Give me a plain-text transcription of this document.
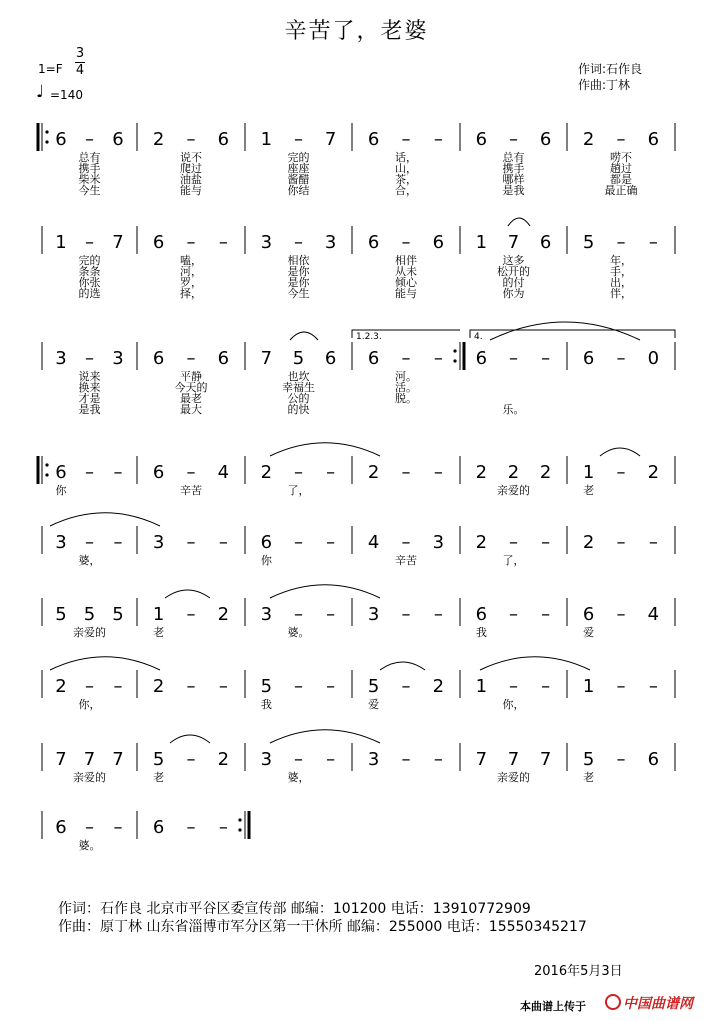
辛苦了，老婆
1=F
3
4
♩ =140
作词:石作良
作曲:丁林
6 – 6
总有
携手
柴米
今生
2 – 6
说不
爬过
油盐
能与
1 – 7
完的
座座
酱醋
你结
6 – –
话，
山，
茶，
合，
6 – 6
总有
携手
哪样
是我
2 – 6
唠不
趟过
都是
最正确
1 – 7
完的
条条
你张
的选
6 – –
嗑，
河，
罗，
择，
3 – 3
相依
是你
是你
今生
6 – 6
相伴
从未
倾心
能与
1 7 6
这多
松开的
的付
你为
5 – –
年，
手，
出，
伴，
3 – 3
说来
换来
才是
是我
6 – 6
平静
今天的
最老
最大
7 5 6
也坎
幸福生
公的
的快
6 – –
河。
活。
脱。
6 – –
乐。
6 – 0
6 – –
你
6 – 4
辛苦
2 – –
了，
2 – – 2 2 2
亲爱的
1 – 2
老
3 – –
婆，
3 – – 6 – –
你
4 – 3
辛苦
2 – –
了，
2 – –
5 5 5
亲爱的
1 – 2
老
3 – –
婆。
3 – – 6 – –
我
6 – 4
爱
2 – –
你，
2 – – 5 – –
我
5 – 2
爱
1 – –
你，
1 – –
7 7 7
亲爱的
5 – 2
老
3 – –
婆，
3 – – 7 7 7
亲爱的
5 – 6
老
6 – –
婆。
6 – –
1.2.3.	4.
作词：石作良 北京市平谷区委宣传部 邮编：101200 电话：13910772909
作曲：原丁林 山东省淄博市军分区第一干休所 邮编：255000 电话：15550345217
2016年5月3日
本曲谱上传于	中国曲谱网
